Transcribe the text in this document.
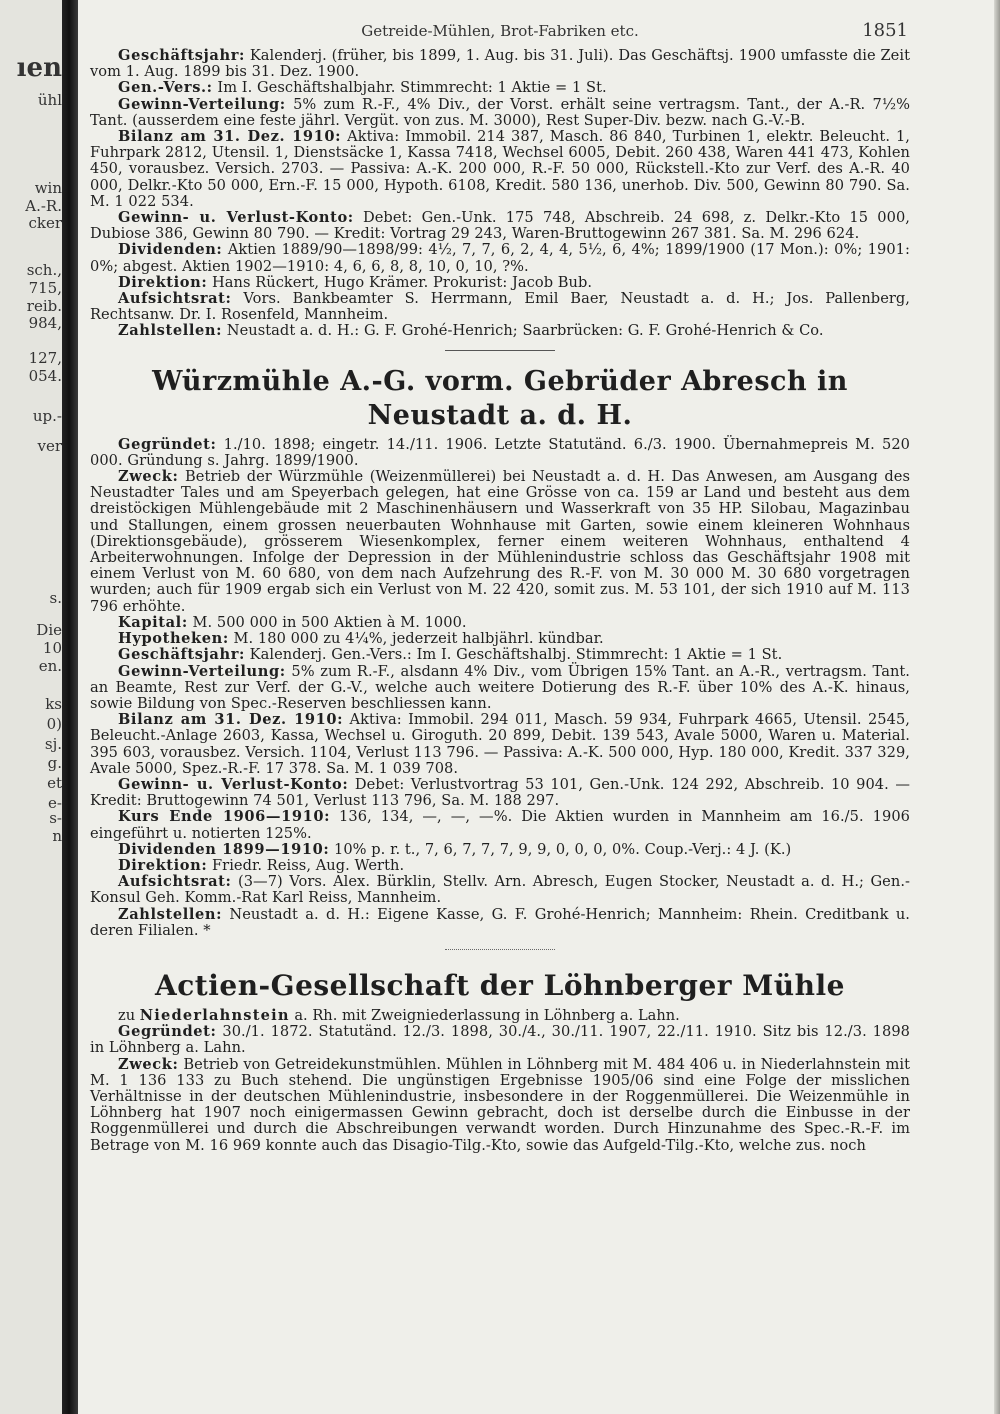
ıen
ühl
win
A.-R.
cker
sch.,
715,
reib.
984,
127,
054.
up.-
ver
s.
Die
10
en.
ks
0)
sj.
g.
et
e-
s-
n
Getreide-Mühlen, Brot-Fabriken etc.	1851

Geschäftsjahr: Kalenderj. (früher, bis 1899, 1. Aug. bis 31. Juli). Das Geschäftsj. 1900 umfasste die Zeit vom 1. Aug. 1899 bis 31. Dez. 1900.

Gen.-Vers.: Im I. Geschäftshalbjahr. Stimmrecht: 1 Aktie = 1 St.

Gewinn-Verteilung: 5% zum R.-F., 4% Div., der Vorst. erhält seine vertragsm. Tant., der A.-R. 7½% Tant. (ausserdem eine feste jährl. Vergüt. von zus. M. 3000), Rest Super-Div. bezw. nach G.-V.-B.

Bilanz am 31. Dez. 1910: Aktiva: Immobil. 214 387, Masch. 86 840, Turbinen 1, elektr. Beleucht. 1, Fuhrpark 2812, Utensil. 1, Dienstsäcke 1, Kassa 7418, Wechsel 6005, Debit. 260 438, Waren 441 473, Kohlen 450, vorausbez. Versich. 2703. — Passiva: A.-K. 200 000, R.-F. 50 000, Rückstell.-Kto zur Verf. des A.-R. 40 000, Delkr.-Kto 50 000, Ern.-F. 15 000, Hypoth. 6108, Kredit. 580 136, unerhob. Div. 500, Gewinn 80 790. Sa. M. 1 022 534.

Gewinn- u. Verlust-Konto: Debet: Gen.-Unk. 175 748, Abschreib. 24 698, z. Delkr.-Kto 15 000, Dubiose 386, Gewinn 80 790. — Kredit: Vortrag 29 243, Waren-Bruttogewinn 267 381. Sa. M. 296 624.

Dividenden: Aktien 1889/90—1898/99: 4½, 7, 7, 6, 2, 4, 4, 5½, 6, 4%; 1899/1900 (17 Mon.): 0%; 1901: 0%; abgest. Aktien 1902—1910: 4, 6, 6, 8, 8, 10, 0, 10, ?%.

Direktion: Hans Rückert, Hugo Krämer. Prokurist: Jacob Bub.

Aufsichtsrat: Vors. Bankbeamter S. Herrmann, Emil Baer, Neustadt a. d. H.; Jos. Pallenberg, Rechtsanw. Dr. I. Rosenfeld, Mannheim.

Zahlstellen: Neustadt a. d. H.: G. F. Grohé-Henrich; Saarbrücken: G. F. Grohé-Henrich & Co.

Würzmühle A.-G. vorm. Gebrüder Abresch in Neustadt a. d. H.

Gegründet: 1./10. 1898; eingetr. 14./11. 1906. Letzte Statutänd. 6./3. 1900. Übernahmepreis M. 520 000. Gründung s. Jahrg. 1899/1900.

Zweck: Betrieb der Würzmühle (Weizenmüllerei) bei Neustadt a. d. H. Das Anwesen, am Ausgang des Neustadter Tales und am Speyerbach gelegen, hat eine Grösse von ca. 159 ar Land und besteht aus dem dreistöckigen Mühlengebäude mit 2 Maschinenhäusern und Wasserkraft von 35 HP. Silobau, Magazinbau und Stallungen, einem grossen neuerbauten Wohnhause mit Garten, sowie einem kleineren Wohnhaus (Direktionsgebäude), grösserem Wiesenkomplex, ferner einem weiteren Wohnhaus, enthaltend 4 Arbeiterwohnungen. Infolge der Depression in der Mühlenindustrie schloss das Geschäftsjahr 1908 mit einem Verlust von M. 60 680, von dem nach Aufzehrung des R.-F. von M. 30 000 M. 30 680 vorgetragen wurden; auch für 1909 ergab sich ein Verlust von M. 22 420, somit zus. M. 53 101, der sich 1910 auf M. 113 796 erhöhte.

Kapital: M. 500 000 in 500 Aktien à M. 1000.

Hypotheken: M. 180 000 zu 4¼%, jederzeit halbjährl. kündbar.

Geschäftsjahr: Kalenderj. Gen.-Vers.: Im I. Geschäftshalbj. Stimmrecht: 1 Aktie = 1 St.

Gewinn-Verteilung: 5% zum R.-F., alsdann 4% Div., vom Übrigen 15% Tant. an A.-R., vertragsm. Tant. an Beamte, Rest zur Verf. der G.-V., welche auch weitere Dotierung des R.-F. über 10% des A.-K. hinaus, sowie Bildung von Spec.-Reserven beschliessen kann.

Bilanz am 31. Dez. 1910: Aktiva: Immobil. 294 011, Masch. 59 934, Fuhrpark 4665, Utensil. 2545, Beleucht.-Anlage 2603, Kassa, Wechsel u. Giroguth. 20 899, Debit. 139 543, Avale 5000, Waren u. Material. 395 603, vorausbez. Versich. 1104, Verlust 113 796. — Passiva: A.-K. 500 000, Hyp. 180 000, Kredit. 337 329, Avale 5000, Spez.-R.-F. 17 378. Sa. M. 1 039 708.

Gewinn- u. Verlust-Konto: Debet: Verlustvortrag 53 101, Gen.-Unk. 124 292, Abschreib. 10 904. — Kredit: Bruttogewinn 74 501, Verlust 113 796, Sa. M. 188 297.

Kurs Ende 1906—1910: 136, 134, —, —, —%. Die Aktien wurden in Mannheim am 16./5. 1906 eingeführt u. notierten 125%.

Dividenden 1899—1910: 10% p. r. t., 7, 6, 7, 7, 7, 9, 9, 0, 0, 0, 0%. Coup.-Verj.: 4 J. (K.)

Direktion: Friedr. Reiss, Aug. Werth.

Aufsichtsrat: (3—7) Vors. Alex. Bürklin, Stellv. Arn. Abresch, Eugen Stocker, Neustadt a. d. H.; Gen.-Konsul Geh. Komm.-Rat Karl Reiss, Mannheim.

Zahlstellen: Neustadt a. d. H.: Eigene Kasse, G. F. Grohé-Henrich; Mannheim: Rhein. Creditbank u. deren Filialen. *

Actien-Gesellschaft der Löhnberger Mühle

zu Niederlahnstein a. Rh. mit Zweigniederlassung in Löhnberg a. Lahn.

Gegründet: 30./1. 1872. Statutänd. 12./3. 1898, 30./4., 30./11. 1907, 22./11. 1910. Sitz bis 12./3. 1898 in Löhnberg a. Lahn.

Zweck: Betrieb von Getreidekunstmühlen. Mühlen in Löhnberg mit M. 484 406 u. in Niederlahnstein mit M. 1 136 133 zu Buch stehend. Die ungünstigen Ergebnisse 1905/06 sind eine Folge der misslichen Verhältnisse in der deutschen Mühlenindustrie, insbesondere in der Roggenmüllerei. Die Weizenmühle in Löhnberg hat 1907 noch einigermassen Gewinn gebracht, doch ist derselbe durch die Einbusse in der Roggenmüllerei und durch die Abschreibungen verwandt worden. Durch Hinzunahme des Spec.-R.-F. im Betrage von M. 16 969 konnte auch das Disagio-Tilg.-Kto, sowie das Aufgeld-Tilg.-Kto, welche zus. noch
